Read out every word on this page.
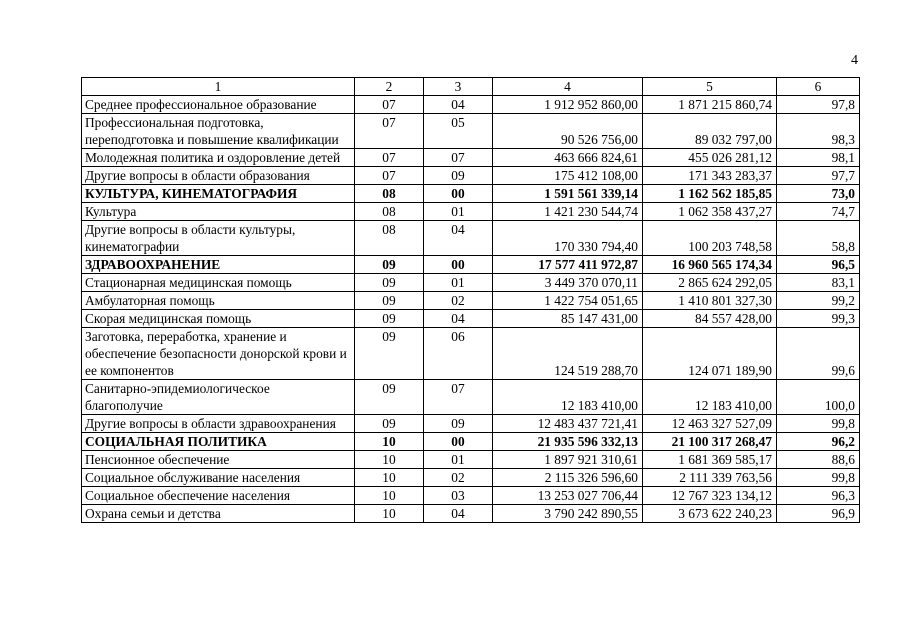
4
1	2	3	4	5	6
Среднее профессиональное образование	07	04	1 912 952 860,00	1 871 215 860,74	97,8
Профессиональная подготовка, переподготовка и повышение квалификации	07	05	90 526 756,00	89 032 797,00	98,3
Молодежная политика и оздоровление детей	07	07	463 666 824,61	455 026 281,12	98,1
Другие вопросы в области образования	07	09	175 412 108,00	171 343 283,37	97,7
КУЛЬТУРА, КИНЕМАТОГРАФИЯ	08	00	1 591 561 339,14	1 162 562 185,85	73,0
Культура	08	01	1 421 230 544,74	1 062 358 437,27	74,7
Другие вопросы в области культуры, кинематографии	08	04	170 330 794,40	100 203 748,58	58,8
ЗДРАВООХРАНЕНИЕ	09	00	17 577 411 972,87	16 960 565 174,34	96,5
Стационарная медицинская помощь	09	01	3 449 370 070,11	2 865 624 292,05	83,1
Амбулаторная помощь	09	02	1 422 754 051,65	1 410 801 327,30	99,2
Скорая медицинская помощь	09	04	85 147 431,00	84 557 428,00	99,3
Заготовка, переработка, хранение и обеспечение безопасности донорской крови и ее компонентов	09	06	124 519 288,70	124 071 189,90	99,6
Санитарно-эпидемиологическое благополучие	09	07	12 183 410,00	12 183 410,00	100,0
Другие вопросы в области здравоохранения	09	09	12 483 437 721,41	12 463 327 527,09	99,8
СОЦИАЛЬНАЯ ПОЛИТИКА	10	00	21 935 596 332,13	21 100 317 268,47	96,2
Пенсионное обеспечение	10	01	1 897 921 310,61	1 681 369 585,17	88,6
Социальное обслуживание населения	10	02	2 115 326 596,60	2 111 339 763,56	99,8
Социальное обеспечение населения	10	03	13 253 027 706,44	12 767 323 134,12	96,3
Охрана семьи и детства	10	04	3 790 242 890,55	3 673 622 240,23	96,9
